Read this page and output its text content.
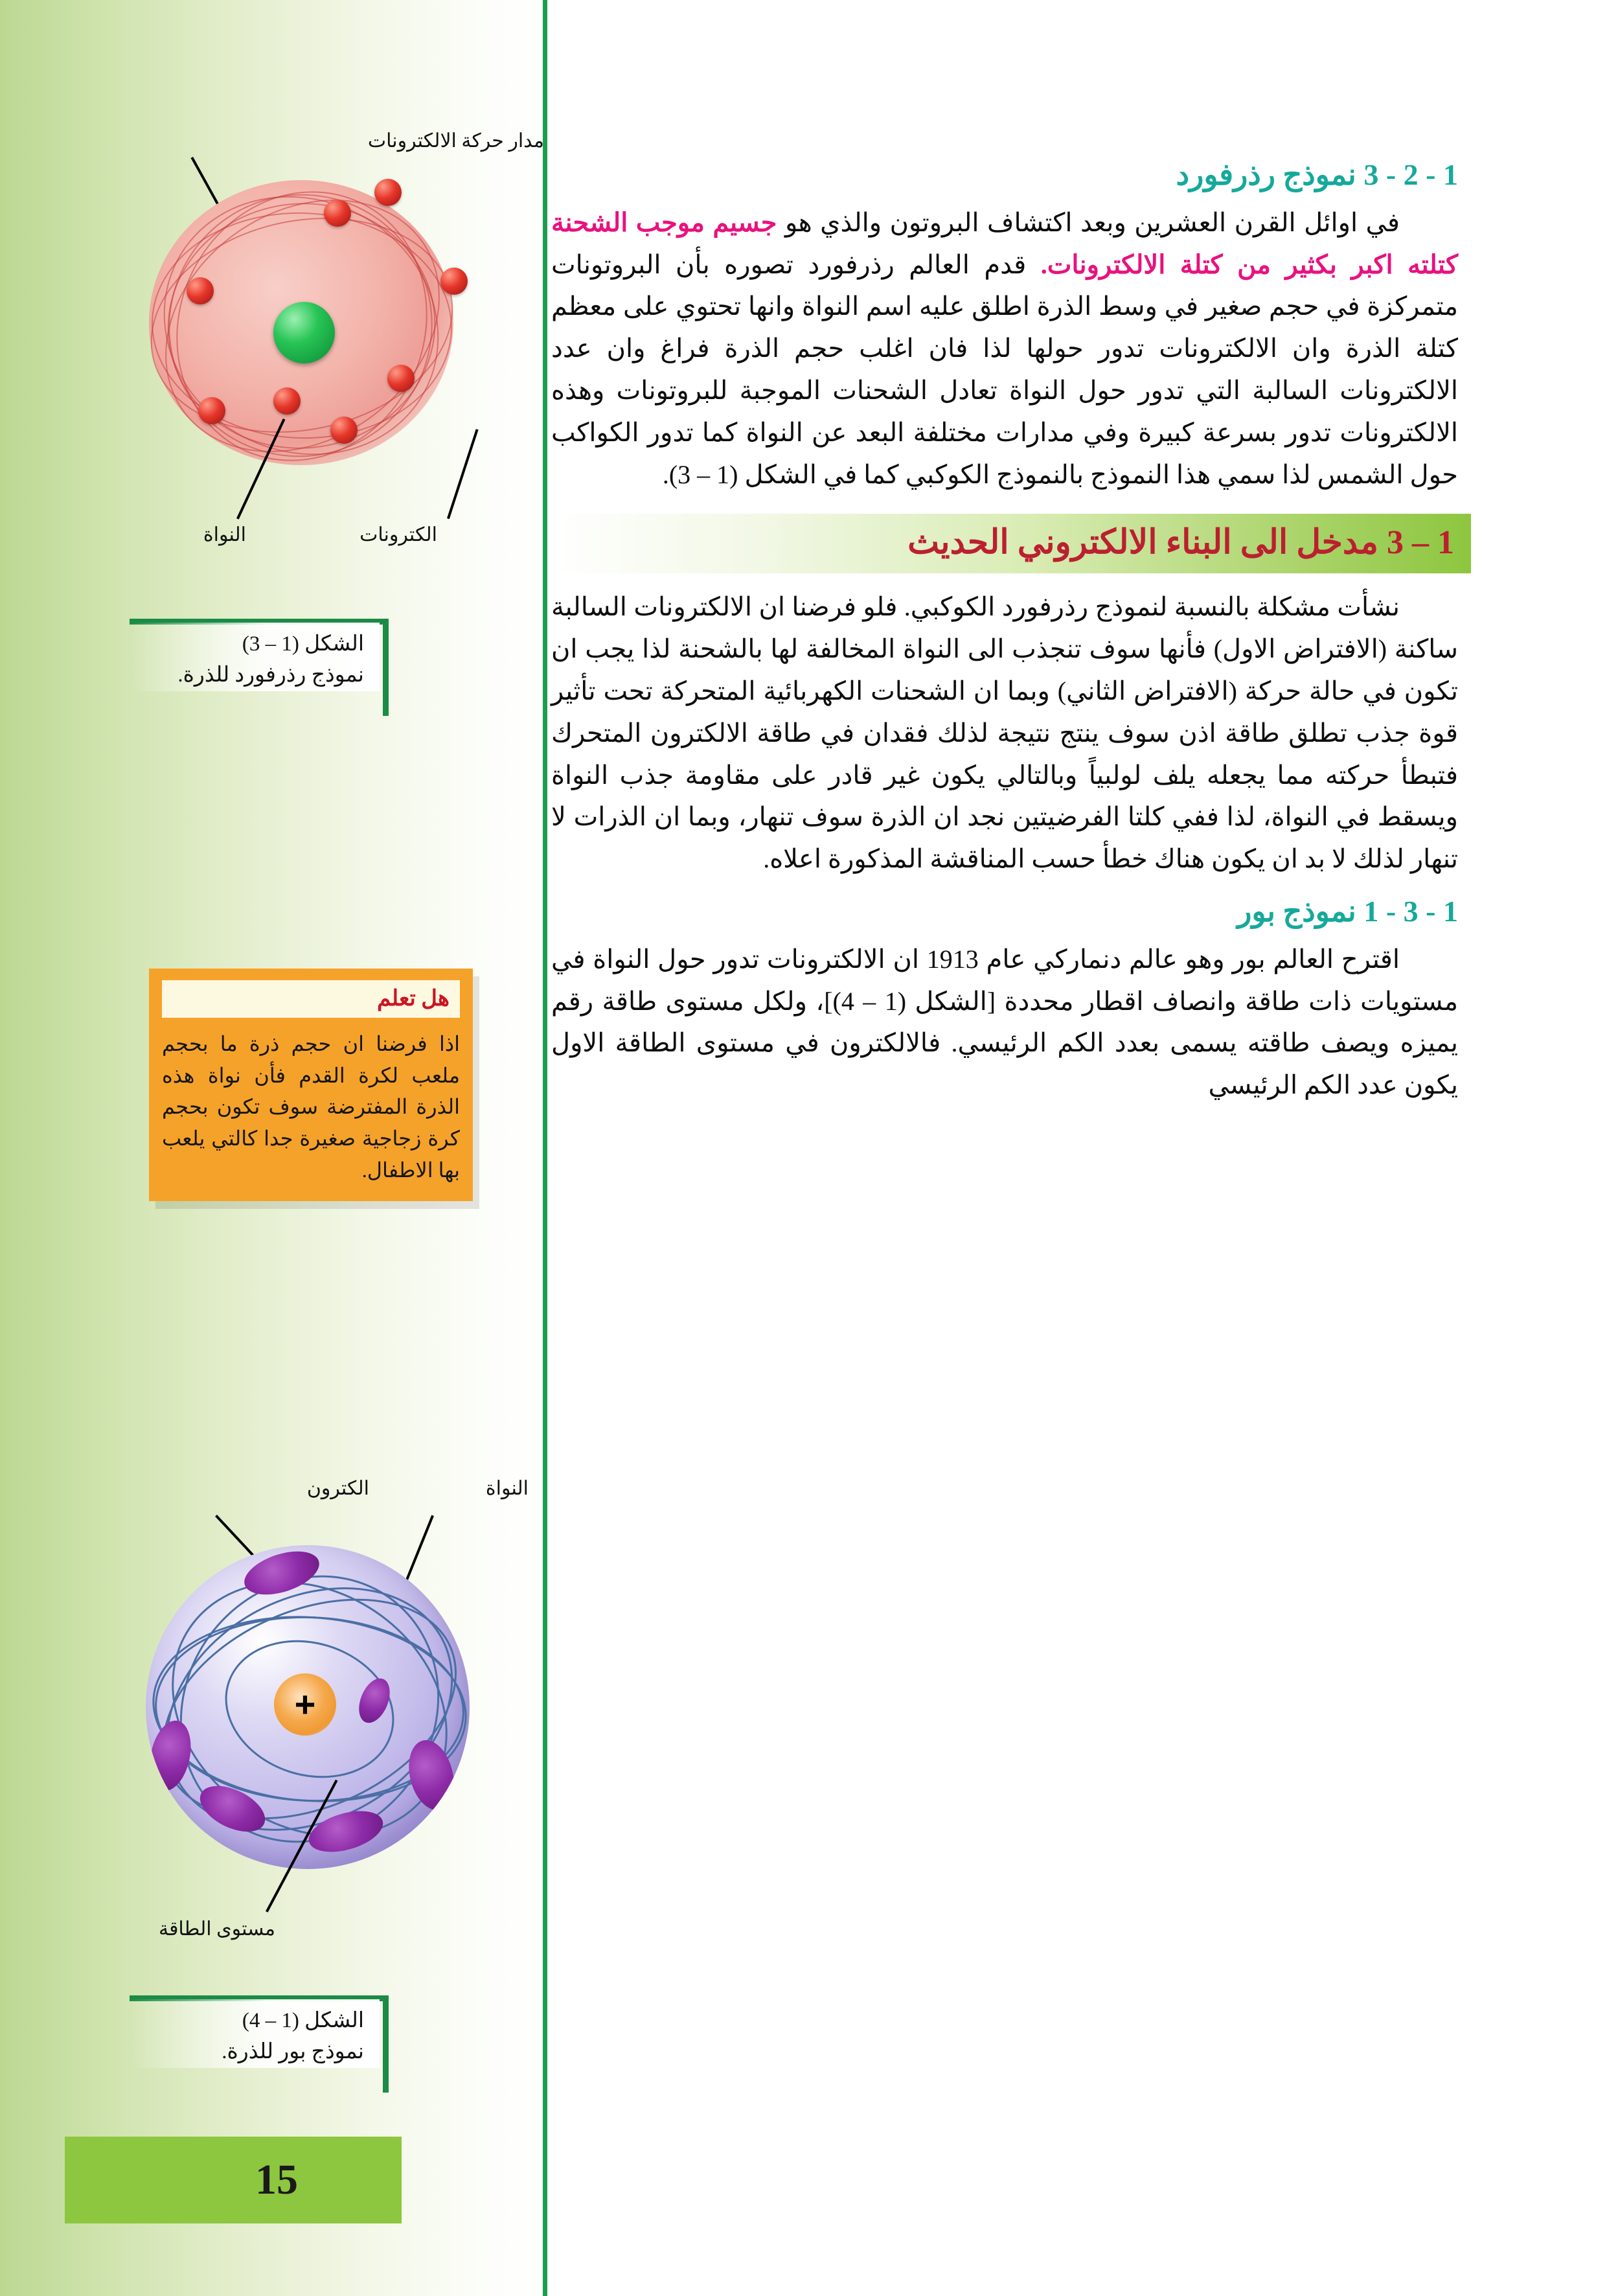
مدار حركة الالكترونات
النواة	الكترونات
الشكل (1 – 3)
نموذج رذرفورد للذرة.
هل تعلم
اذا فرضنا ان حجم ذرة ما بحجم ملعب لكرة القدم فأن نواة هذه الذرة المفترضة سوف تكون بحجم كرة زجاجية صغيرة جدا كالتي يلعب بها الاطفال.
الكترون	النواة
+
مستوى الطاقة
الشكل (1 – 4)
نموذج بور للذرة.
15
1 - 2 - 3 نموذج رذرفورد

في اوائل القرن العشرين وبعد اكتشاف البروتون والذي هو جسيم موجب الشحنة كتلته اكبر بكثير من كتلة الالكترونات. قدم العالم رذرفورد تصوره بأن البروتونات متمركزة في حجم صغير في وسط الذرة اطلق عليه اسم النواة وانها تحتوي على معظم كتلة الذرة وان الالكترونات تدور حولها لذا فان اغلب حجم الذرة فراغ وان عدد الالكترونات السالبة التي تدور حول النواة تعادل الشحنات الموجبة للبروتونات وهذه الالكترونات تدور بسرعة كبيرة وفي مدارات مختلفة البعد عن النواة كما تدور الكواكب حول الشمس لذا سمي هذا النموذج بالنموذج الكوكبي كما في الشكل (1 – 3).

1 – 3 مدخل الى البناء الالكتروني الحديث

نشأت مشكلة بالنسبة لنموذج رذرفورد الكوكبي. فلو فرضنا ان الالكترونات السالبة ساكنة (الافتراض الاول) فأنها سوف تنجذب الى النواة المخالفة لها بالشحنة لذا يجب ان تكون في حالة حركة (الافتراض الثاني) وبما ان الشحنات الكهربائية المتحركة تحت تأثير قوة جذب تطلق طاقة اذن سوف ينتج نتيجة لذلك فقدان في طاقة الالكترون المتحرك فتبطأ حركته مما يجعله يلف لولبياً وبالتالي يكون غير قادر على مقاومة جذب النواة ويسقط في النواة، لذا ففي كلتا الفرضيتين نجد ان الذرة سوف تنهار، وبما ان الذرات لا تنهار لذلك لا بد ان يكون هناك خطأ حسب المناقشة المذكورة اعلاه.

1 - 3 - 1 نموذج بور

اقترح العالم بور وهو عالم دنماركي عام 1913 ان الالكترونات تدور حول النواة في مستويات ذات طاقة وانصاف اقطار محددة [الشكل (1 – 4)]، ولكل مستوى طاقة رقم يميزه ويصف طاقته يسمى بعدد الكم الرئيسي. فالالكترون في مستوى الطاقة الاول يكون عدد الكم الرئيسي
